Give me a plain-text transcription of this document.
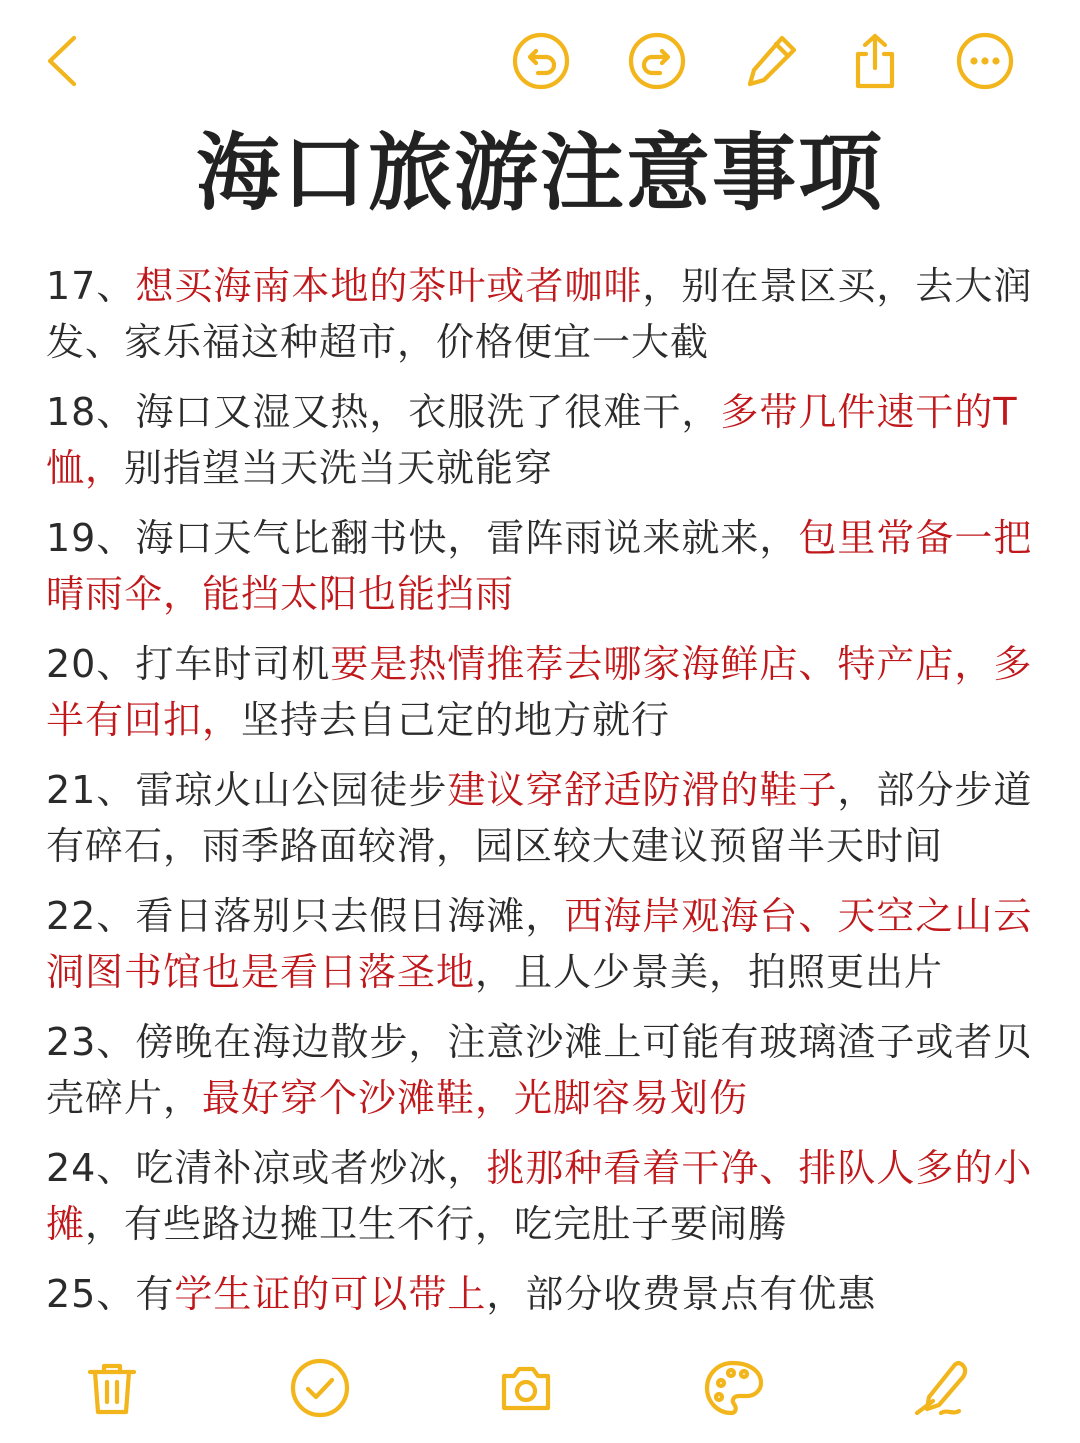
海口旅游注意事项
17、想买海南本地的茶叶或者咖啡，别在景区买，去大润发、家乐福这种超市，价格便宜一大截
18、海口又湿又热，衣服洗了很难干，多带几件速干的T恤，别指望当天洗当天就能穿
19、海口天气比翻书快，雷阵雨说来就来，包里常备一把晴雨伞，能挡太阳也能挡雨
20、打车时司机要是热情推荐去哪家海鲜店、特产店，多半有回扣，坚持去自己定的地方就行
21、雷琼火山公园徒步建议穿舒适防滑的鞋子，部分步道有碎石，雨季路面较滑，园区较大建议预留半天时间
22、看日落别只去假日海滩，西海岸观海台、天空之山云洞图书馆也是看日落圣地，且人少景美，拍照更出片
23、傍晚在海边散步，注意沙滩上可能有玻璃渣子或者贝壳碎片，最好穿个沙滩鞋，光脚容易划伤
24、吃清补凉或者炒冰，挑那种看着干净、排队人多的小摊，有些路边摊卫生不行，吃完肚子要闹腾
25、有学生证的可以带上，部分收费景点有优惠
